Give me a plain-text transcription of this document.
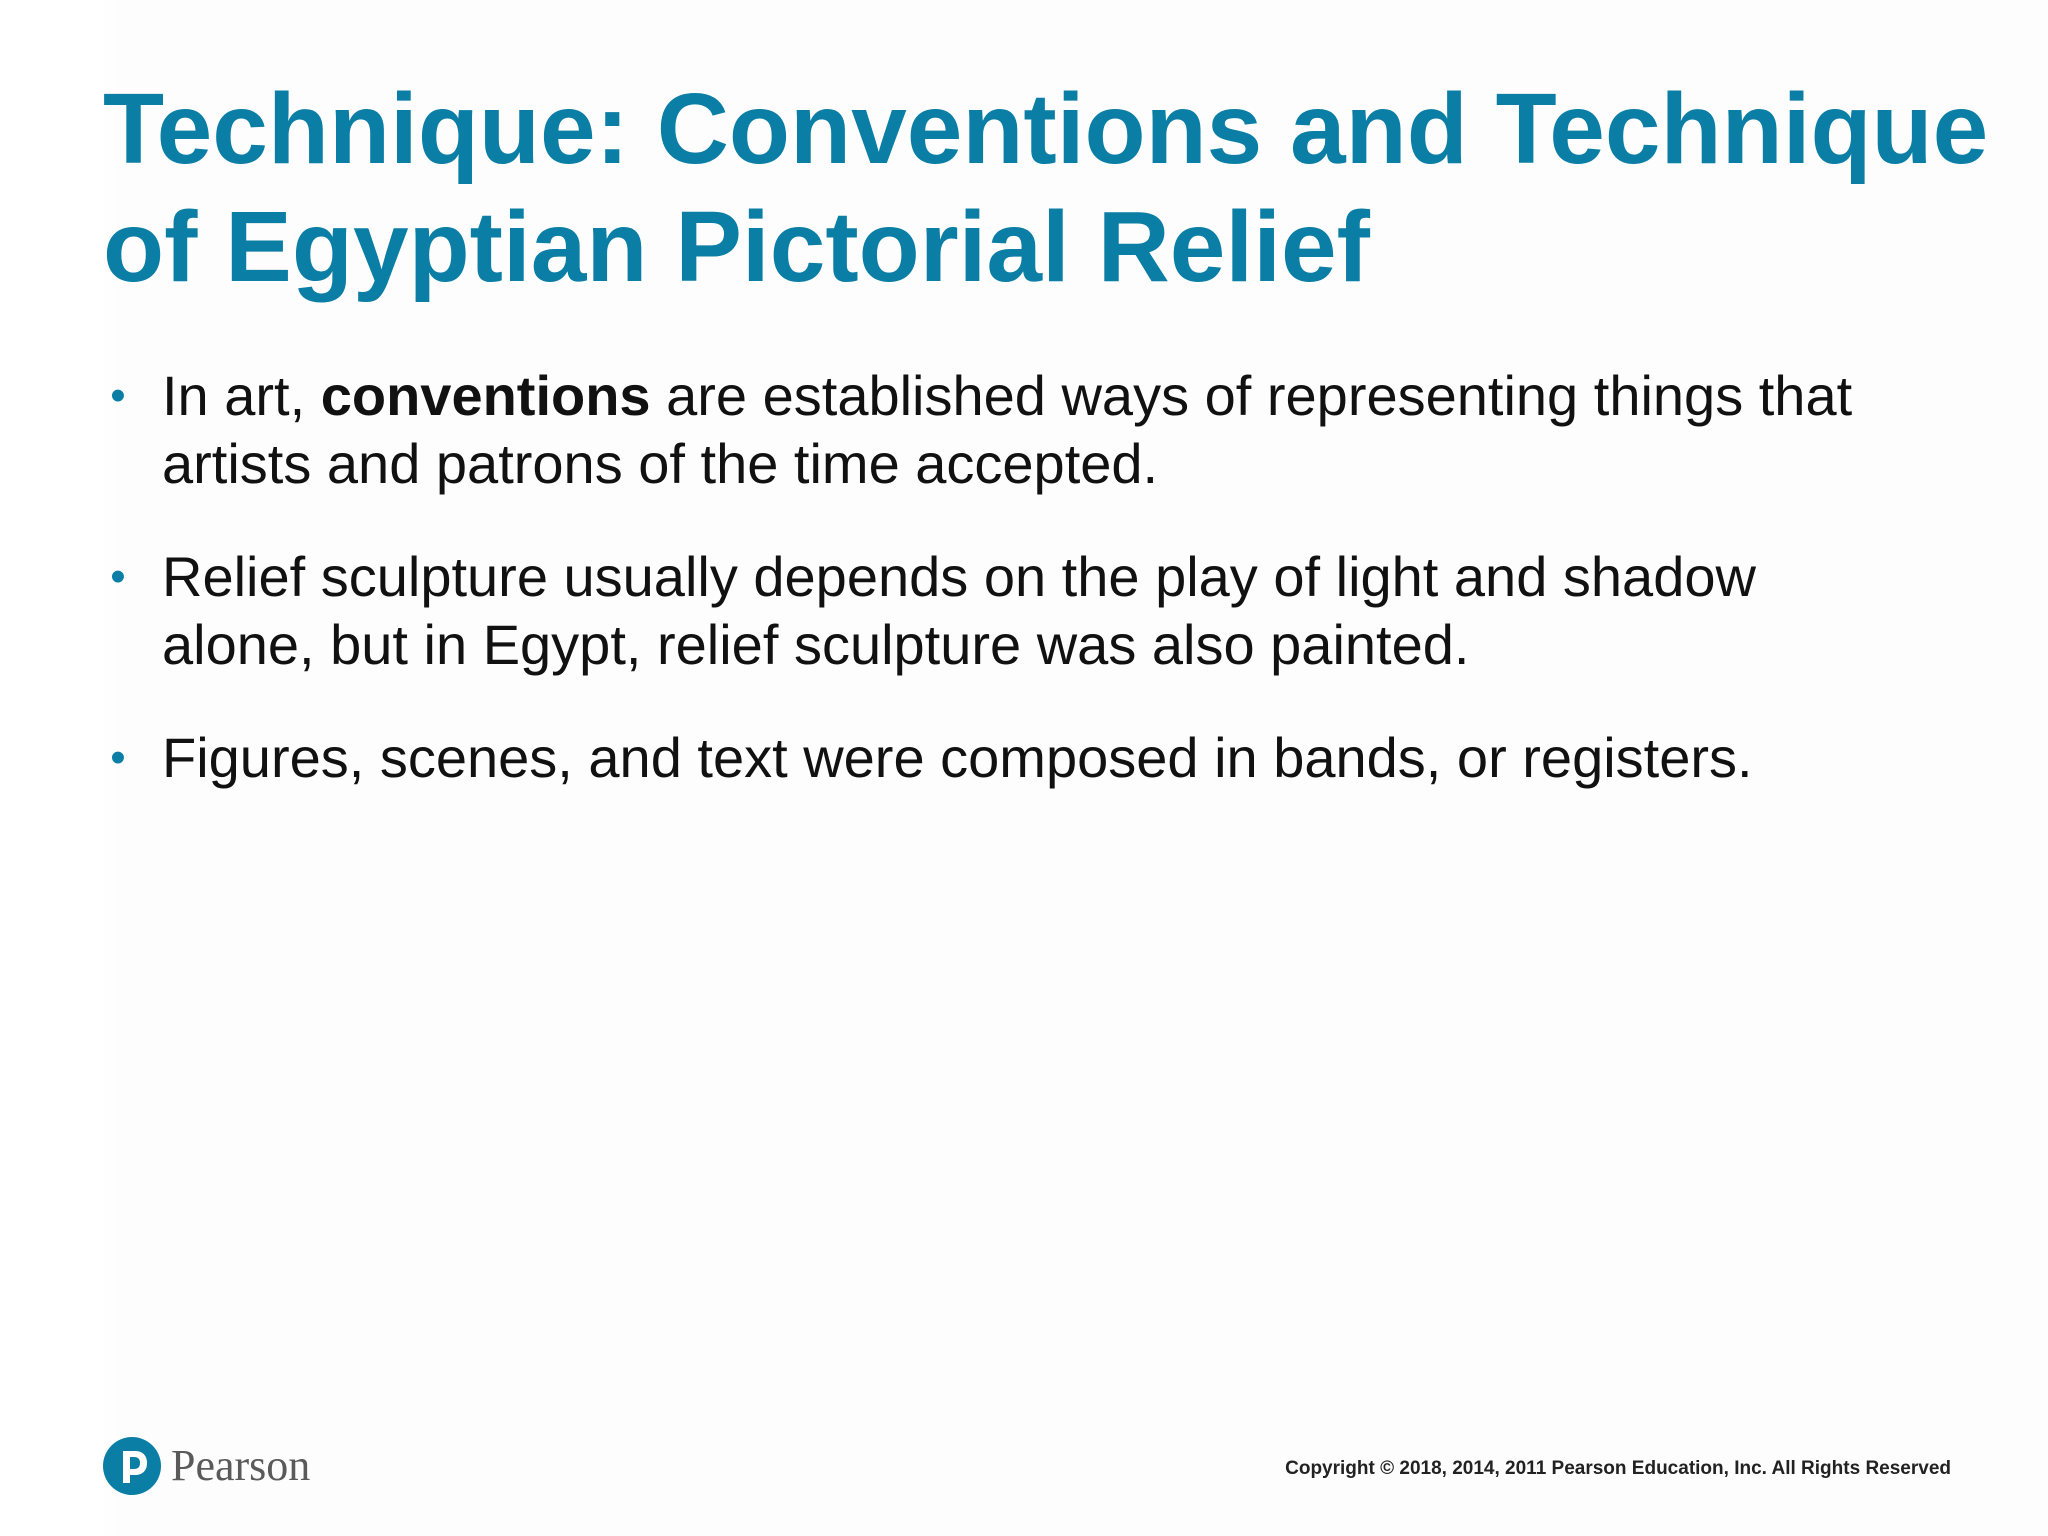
Technique: Conventions and Technique
of Egyptian Pictorial Relief
• In art, conventions are established ways of representing things that
artists and patrons of the time accepted.
• Relief sculpture usually depends on the play of light and shadow
alone, but in Egypt, relief sculpture was also painted.
• Figures, scenes, and text were composed in bands, or registers.
Pearson	Copyright © 2018, 2014, 2011 Pearson Education, Inc. All Rights Reserved
